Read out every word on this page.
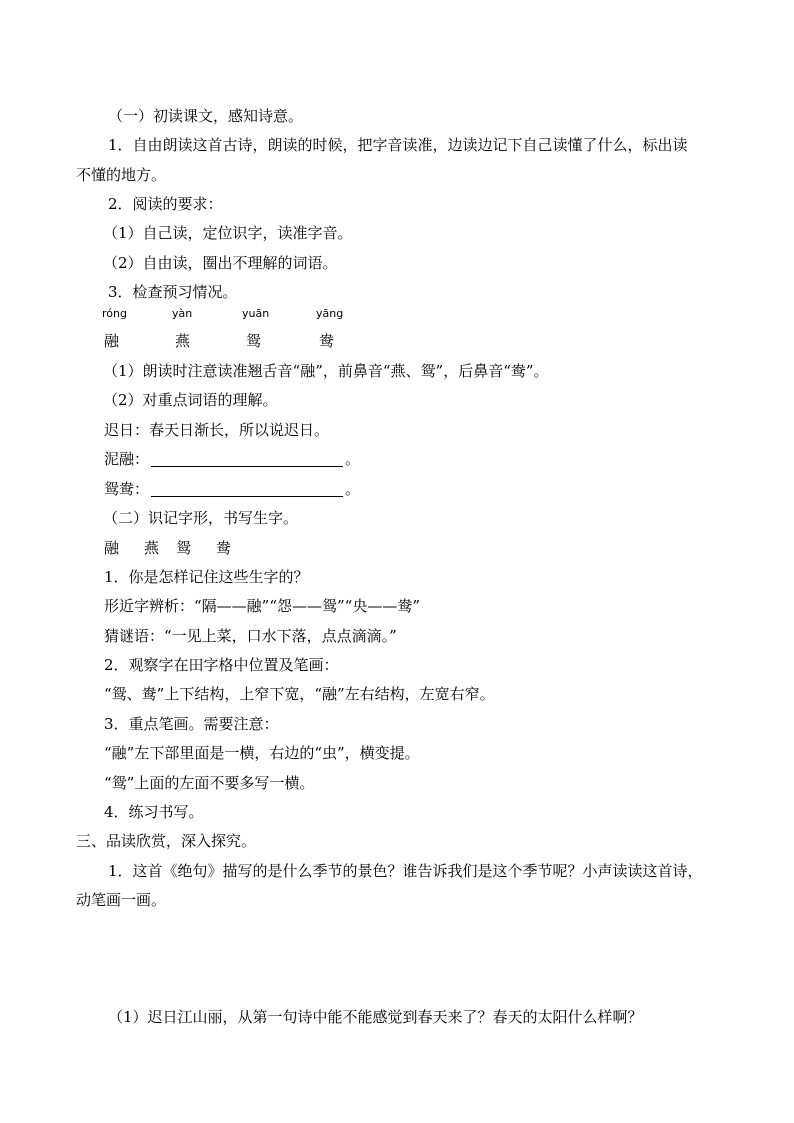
（一）初读课文，感知诗意。
1．自由朗读这首古诗，朗读的时候，把字音读准，边读边记下自己读懂了什么，标出读
不懂的地方。
2．阅读的要求：
（1）自己读，定位识字，读准字音。
（2）自由读，圈出不理解的词语。
3．检查预习情况。
róng	yàn	yuān	yāng
融	燕	鸳	鸯
（1）朗读时注意读准翘舌音“融”，前鼻音“燕、鸳”，后鼻音“鸯”。
（2）对重点词语的理解。
迟日：春天日渐长，所以说迟日。
泥融：	。
鸳鸯：	。
（二）识记字形，书写生字。
融 燕 鸳 鸯
1．你是怎样记住这些生字的？
形近字辨析：“隔——融”“怨——鸳”“央——鸯”
猜谜语：“一见上菜，口水下落，点点滴滴。”
2．观察字在田字格中位置及笔画：
“鸳、鸯”上下结构，上窄下宽，“融”左右结构，左宽右窄。
3．重点笔画。需要注意：
“融”左下部里面是一横，右边的“虫”，横变提。
“鸳”上面的左面不要多写一横。
4．练习书写。
三、品读欣赏，深入探究。
1．这首《绝句》描写的是什么季节的景色？谁告诉我们是这个季节呢？小声读读这首诗，
动笔画一画。
（1）迟日江山丽，从第一句诗中能不能感觉到春天来了？春天的太阳什么样啊？
